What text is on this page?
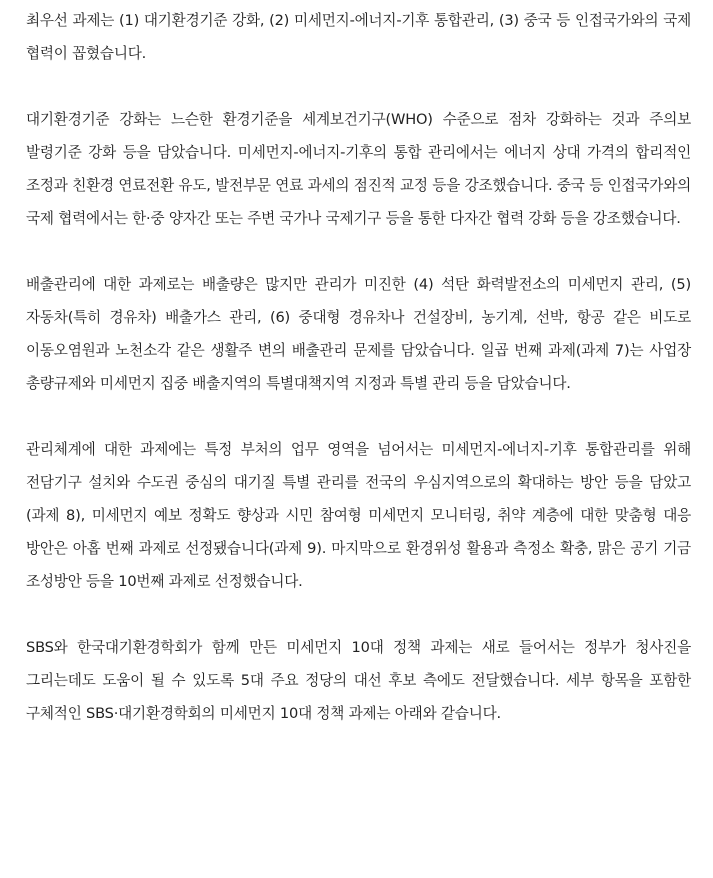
최우선 과제는 (1) 대기환경기준 강화, (2) 미세먼지-에너지-기후 통합관리, (3) 중국 등 인접국가와의 국제 협력이 꼽혔습니다.

대기환경기준 강화는 느슨한 환경기준을 세계보건기구(WHO) 수준으로 점차 강화하는 것과 주의보 발령기준 강화 등을 담았습니다. 미세먼지-에너지-기후의 통합 관리에서는 에너지 상대 가격의 합리적인 조정과 친환경 연료전환 유도, 발전부문 연료 과세의 점진적 교정 등을 강조했습니다. 중국 등 인접국가와의 국제 협력에서는 한·중 양자간 또는 주변 국가나 국제기구 등을 통한 다자간 협력 강화 등을 강조했습니다.

배출관리에 대한 과제로는 배출량은 많지만 관리가 미진한 (4) 석탄 화력발전소의 미세먼지 관리, (5) 자동차(특히 경유차) 배출가스 관리, (6) 중대형 경유차나 건설장비, 농기계, 선박, 항공 같은 비도로 이동오염원과 노천소각 같은 생활주 변의 배출관리 문제를 담았습니다. 일곱 번째 과제(과제 7)는 사업장 총량규제와 미세먼지 집중 배출지역의 특별대책지역 지정과 특별 관리 등을 담았습니다.

관리체계에 대한 과제에는 특정 부처의 업무 영역을 넘어서는 미세먼지-에너지-기후 통합관리를 위해 전담기구 설치와 수도권 중심의 대기질 특별 관리를 전국의 우심지역으로의 확대하는 방안 등을 담았고(과제 8), 미세먼지 예보 정확도 향상과 시민 참여형 미세먼지 모니터링, 취약 계층에 대한 맞춤형 대응 방안은 아홉 번째 과제로 선정됐습니다(과제 9). 마지막으로 환경위성 활용과 측정소 확충, 맑은 공기 기금 조성방안 등을 10번째 과제로 선정했습니다.

SBS와 한국대기환경학회가 함께 만든 미세먼지 10대 정책 과제는 새로 들어서는 정부가 청사진을 그리는데도 도움이 될 수 있도록 5대 주요 정당의 대선 후보 측에도 전달했습니다. 세부 항목을 포함한 구체적인 SBS·대기환경학회의 미세먼지 10대 정책 과제는 아래와 같습니다.
